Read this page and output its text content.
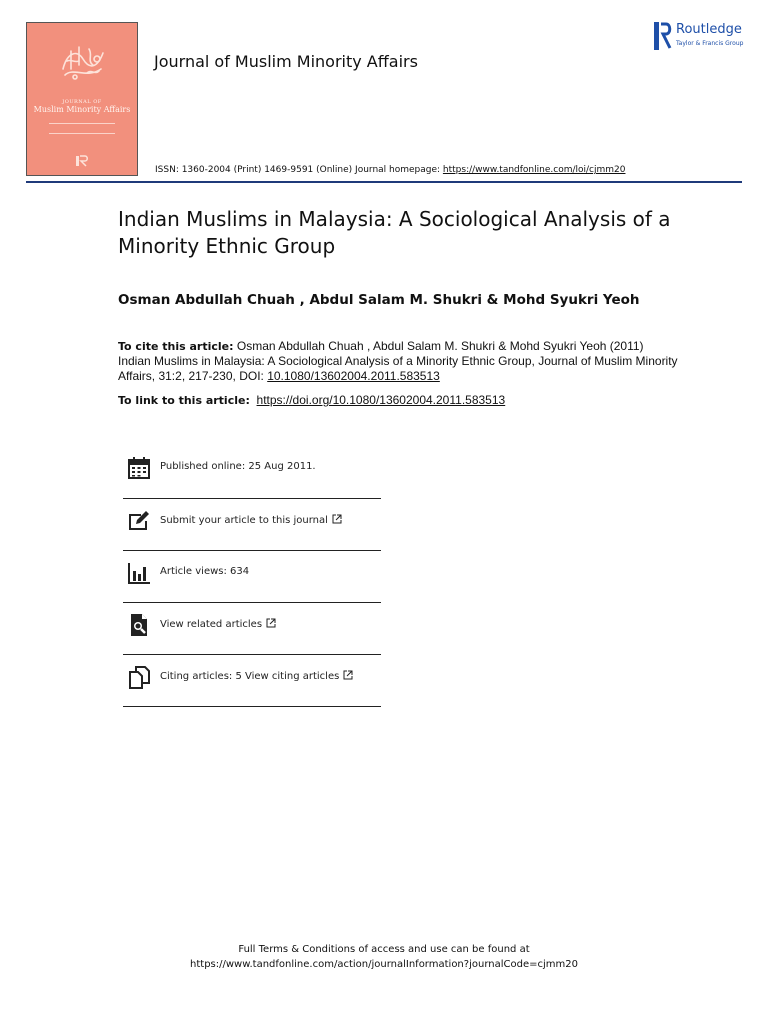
JOURNAL OF
Muslim Minority Affairs
Journal of Muslim Minority Affairs
Routledge
Taylor & Francis Group
ISSN: 1360-2004 (Print) 1469-9591 (Online) Journal homepage: https://www.tandfonline.com/loi/cjmm20
Indian Muslims in Malaysia: A Sociological Analysis of a Minority Ethnic Group
Osman Abdullah Chuah , Abdul Salam M. Shukri & Mohd Syukri Yeoh
To cite this article: Osman Abdullah Chuah , Abdul Salam M. Shukri & Mohd Syukri Yeoh (2011) Indian Muslims in Malaysia: A Sociological Analysis of a Minority Ethnic Group, Journal of Muslim Minority Affairs, 31:2, 217-230, DOI: 10.1080/13602004.2011.583513
To link to this article: https://doi.org/10.1080/13602004.2011.583513
Published online: 25 Aug 2011.
Submit your article to this journal
Article views: 634
View related articles
Citing articles: 5 View citing articles
Full Terms & Conditions of access and use can be found at
https://www.tandfonline.com/action/journalInformation?journalCode=cjmm20
